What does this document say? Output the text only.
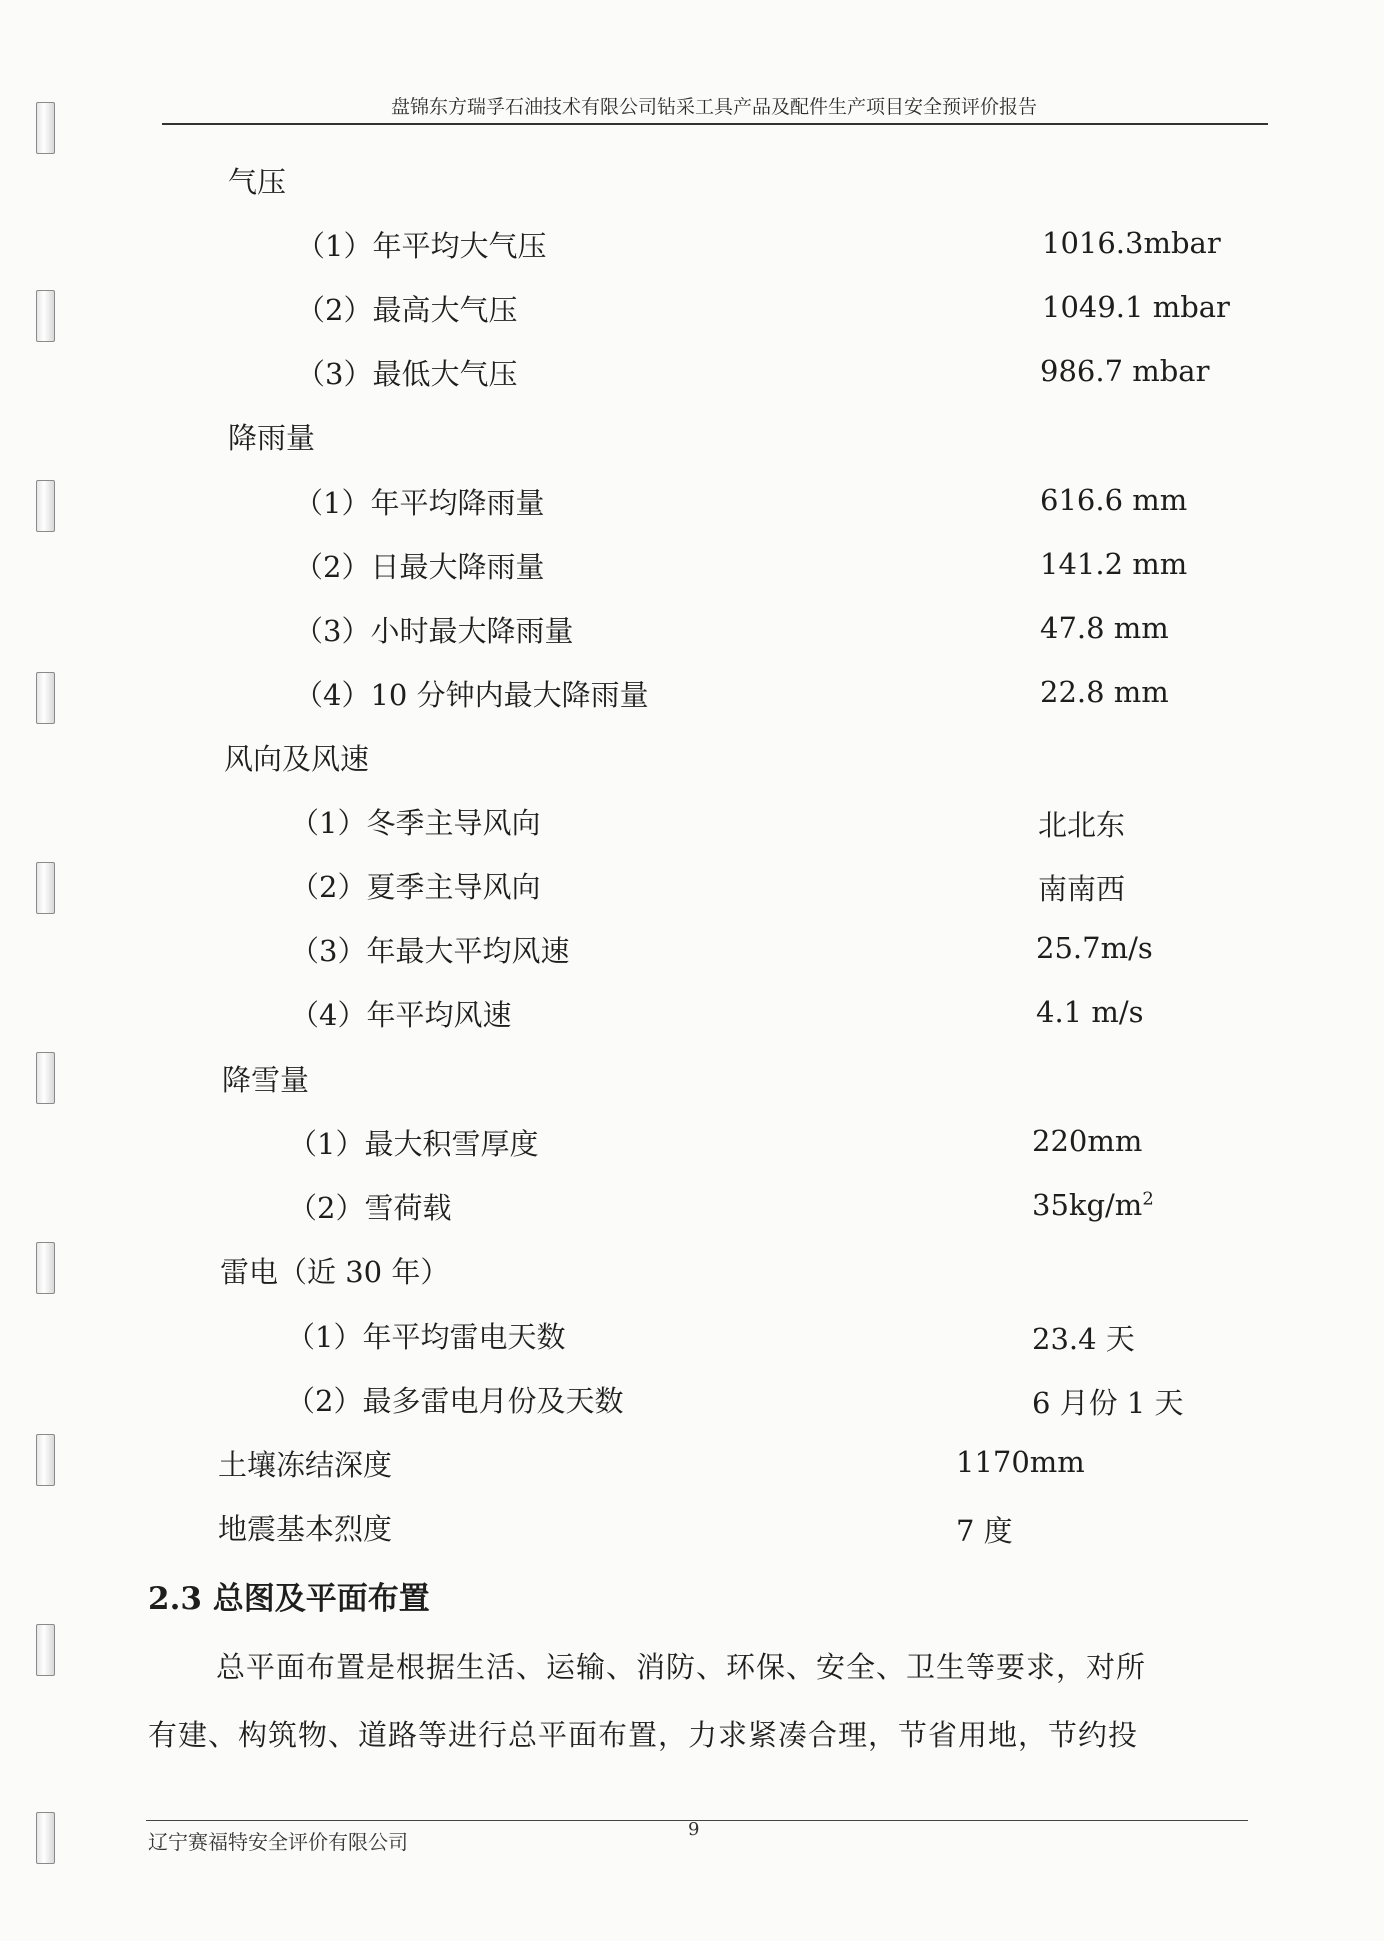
盘锦东方瑞孚石油技术有限公司钻采工具产品及配件生产项目安全预评价报告
气压
（1）年平均大气压	1016.3mbar
（2）最高大气压	1049.1 mbar
（3）最低大气压	986.7 mbar
降雨量
（1）年平均降雨量	616.6 mm
（2）日最大降雨量	141.2 mm
（3）小时最大降雨量	47.8 mm
（4）10 分钟内最大降雨量	22.8 mm
风向及风速
（1）冬季主导风向	北北东
（2）夏季主导风向	南南西
（3）年最大平均风速	25.7m/s
（4）年平均风速	4.1 m/s
降雪量
（1）最大积雪厚度	220mm
（2）雪荷载	$35kg/m^2$
雷电（近 30 年）
（1）年平均雷电天数	23.4 天
（2）最多雷电月份及天数	6 月份 1 天
土壤冻结深度	1170mm
地震基本烈度	7 度
2.3 总图及平面布置
总平面布置是根据生活、运输、消防、环保、安全、卫生等要求，对所
有建、构筑物、道路等进行总平面布置，力求紧凑合理，节省用地，节约投
辽宁赛福特安全评价有限公司
9
